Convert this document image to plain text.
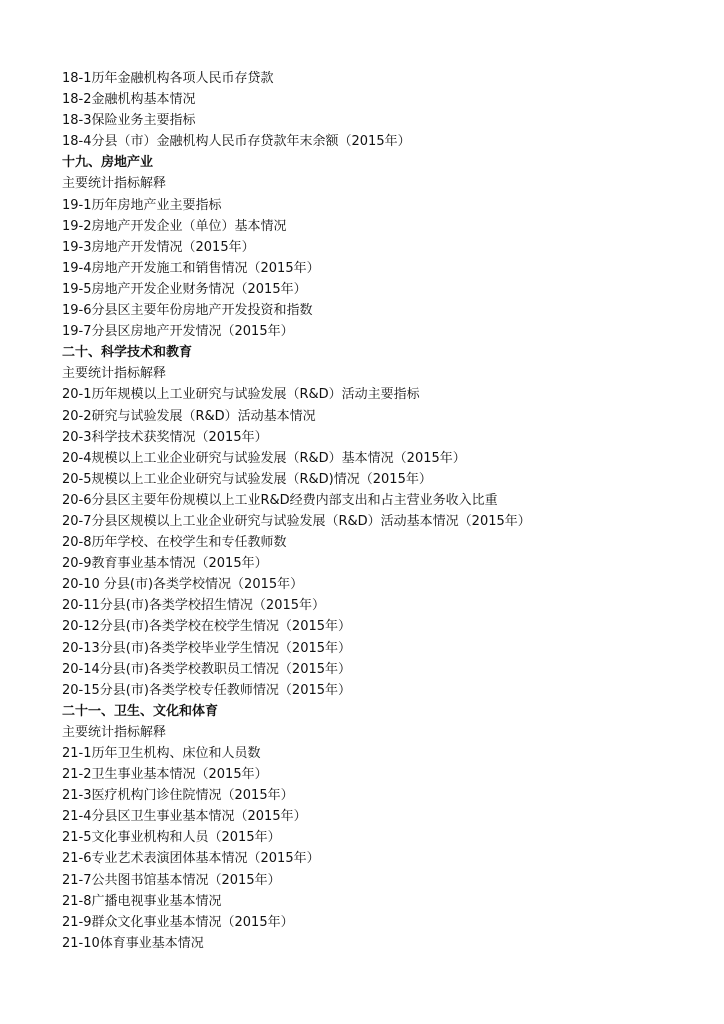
18-1历年金融机构各项人民币存贷款
18-2金融机构基本情况
18-3保险业务主要指标
18-4分县（市）金融机构人民币存贷款年末余额（2015年）
十九、房地产业
主要统计指标解释
19-1历年房地产业主要指标
19-2房地产开发企业（单位）基本情况
19-3房地产开发情况（2015年）
19-4房地产开发施工和销售情况（2015年）
19-5房地产开发企业财务情况（2015年）
19-6分县区主要年份房地产开发投资和指数
19-7分县区房地产开发情况（2015年）
二十、科学技术和教育
主要统计指标解释
20-1历年规模以上工业研究与试验发展（R&D）活动主要指标
20-2研究与试验发展（R&D）活动基本情况
20-3科学技术获奖情况（2015年）
20-4规模以上工业企业研究与试验发展（R&D）基本情况（2015年）
20-5规模以上工业企业研究与试验发展（R&D)情况（2015年）
20-6分县区主要年份规模以上工业R&D经费内部支出和占主营业务收入比重
20-7分县区规模以上工业企业研究与试验发展（R&D）活动基本情况（2015年）
20-8历年学校、在校学生和专任教师数
20-9教育事业基本情况（2015年）
20-10 分县(市)各类学校情况（2015年）
20-11分县(市)各类学校招生情况（2015年）
20-12分县(市)各类学校在校学生情况（2015年）
20-13分县(市)各类学校毕业学生情况（2015年）
20-14分县(市)各类学校教职员工情况（2015年）
20-15分县(市)各类学校专任教师情况（2015年）
二十一、卫生、文化和体育
主要统计指标解释
21-1历年卫生机构、床位和人员数
21-2卫生事业基本情况（2015年）
21-3医疗机构门诊住院情况（2015年）
21-4分县区卫生事业基本情况（2015年）
21-5文化事业机构和人员（2015年）
21-6专业艺术表演团体基本情况（2015年）
21-7公共图书馆基本情况（2015年）
21-8广播电视事业基本情况
21-9群众文化事业基本情况（2015年）
21-10体育事业基本情况
